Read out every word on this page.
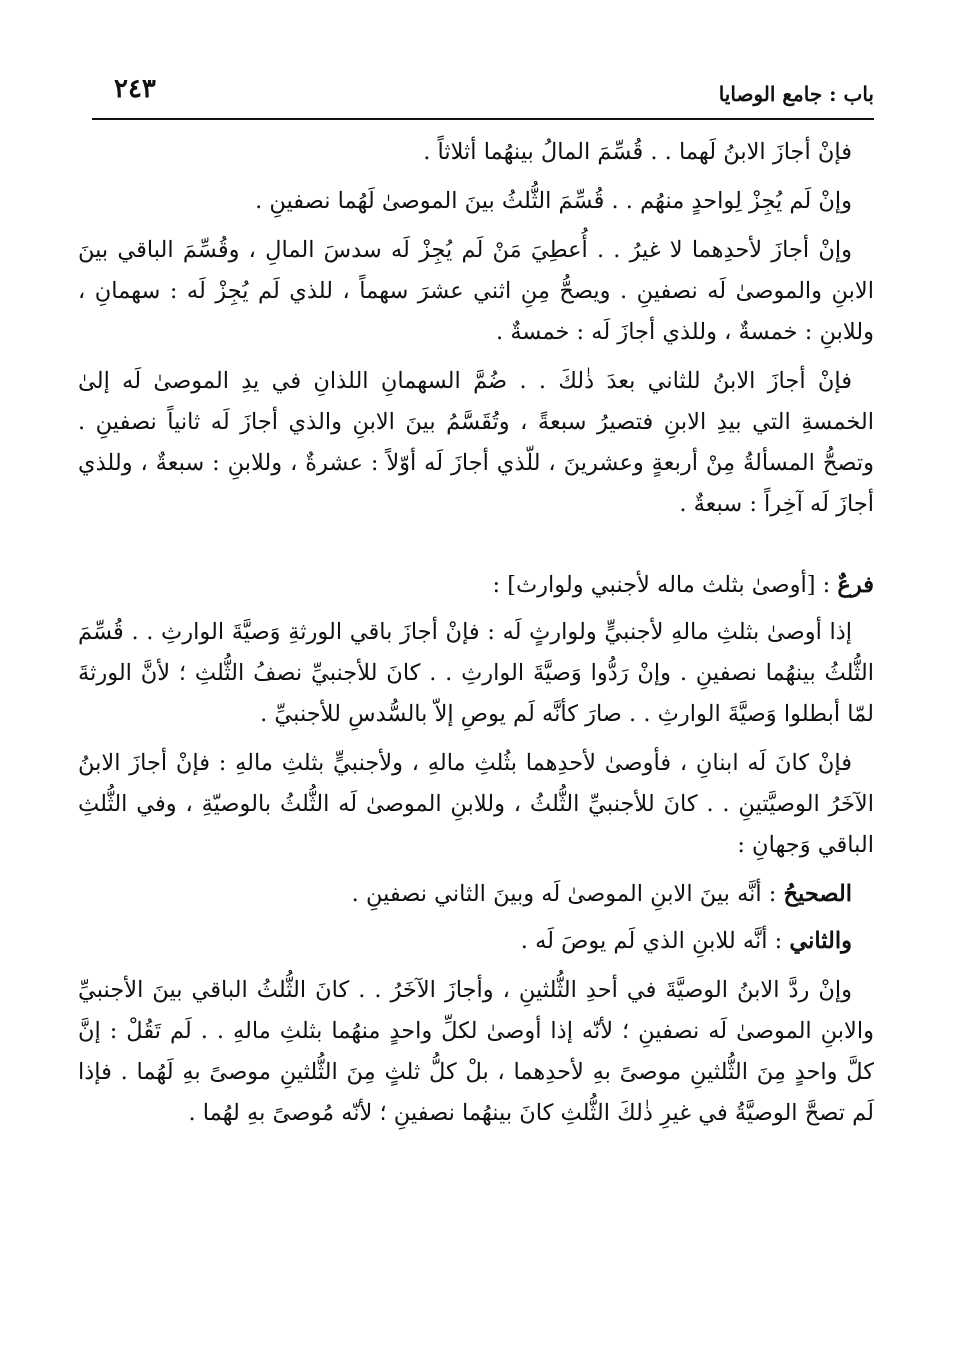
باب : جامع الوصايا
٢٤٣

فإنْ أجازَ الابنُ لَهما . . قُسِّمَ المالُ بينهُما أثلاثاً .

وإنْ لَم يُجِزْ لِواحدٍ منهُم . . قُسِّمَ الثُّلثُ بينَ الموصىٰ لَهُما نصفينِ .

وإنْ أجازَ لأحدِهما لا غيرُ . . أُعطِيَ مَنْ لَم يُجِزْ لَه سدسَ المالِ ، وقُسِّمَ الباقي بينَ الابنِ والموصىٰ لَه نصفينِ . ويصحُّ مِنِ اثني عشرَ سهماً ، للذي لَم يُجِزْ لَه : سهمانِ ، وللابنِ : خمسةٌ ، وللذي أجازَ لَه : خمسةٌ .

فإنْ أجازَ الابنُ للثاني بعدَ ذٰلكَ . . ضُمَّ السهمانِ اللذانِ في يدِ الموصىٰ لَه إلىٰ الخمسةِ التي بيدِ الابنِ فتصيرُ سبعةً ، وتُقَسَّمُ بينَ الابنِ والذي أجازَ لَه ثانياً نصفينِ . وتصحُّ المسألةُ مِنْ أربعةٍ وعشرينَ ، للّذي أجازَ لَه أوّلاً : عشرةٌ ، وللابنِ : سبعةٌ ، وللذي أجازَ لَه آخِراً : سبعةٌ .

فرعٌ : [أوصىٰ بثلث ماله لأجنبي ولوارث] :

إذا أوصىٰ بثلثِ مالهِ لأجنبيٍّ ولوارثٍ لَه : فإنْ أجازَ باقي الورثةِ وَصيَّةَ الوارثِ . . قُسِّمَ الثُّلثُ بينهُما نصفينِ . وإنْ رَدُّوا وَصيَّةَ الوارثِ . . كانَ للأجنبيِّ نصفُ الثُّلثِ ؛ لأنَّ الورثةَ لمّا أبطلوا وَصيَّةَ الوارثِ . . صارَ كأنَّه لَم يوصِ إلاّ بالسُّدسِ للأجنبيِّ .

فإنْ كانَ لَه ابنانِ ، فأوصىٰ لأحدِهما بثُلثِ مالهِ ، ولأجنبيٍّ بثلثِ مالهِ : فإنْ أجازَ الابنُ الآخَرُ الوصيَّتينِ . . كانَ للأجنبيِّ الثُّلثُ ، وللابنِ الموصىٰ لَه الثُّلثُ بالوصيّةِ ، وفي الثُّلثِ الباقي وَجهانِ :

الصحيحُ : أنَّه بينَ الابنِ الموصىٰ لَه وبينَ الثاني نصفينِ .

والثاني : أنَّه للابنِ الذي لَم يوصَ لَه .

وإنْ ردَّ الابنُ الوصيَّةَ في أحدِ الثُّلثينِ ، وأجازَ الآخَرُ . . كانَ الثُّلثُ الباقي بينَ الأجنبيِّ والابنِ الموصىٰ لَه نصفينِ ؛ لأنّه إذا أوصىٰ لكلِّ واحدٍ منهُما بثلثِ مالهِ . . لَم تَقُلْ : إنَّ كلَّ واحدٍ مِنَ الثُّلثينِ موصىً بهِ لأحدِهما ، بلْ كلُّ ثلثٍ مِنَ الثُّلثينِ موصىً بهِ لَهُما . فإذا لَم تصحَّ الوصيَّةُ في غيرِ ذٰلكَ الثُّلثِ كانَ بينهُما نصفينِ ؛ لأنّه مُوصىً بهِ لهُما .
